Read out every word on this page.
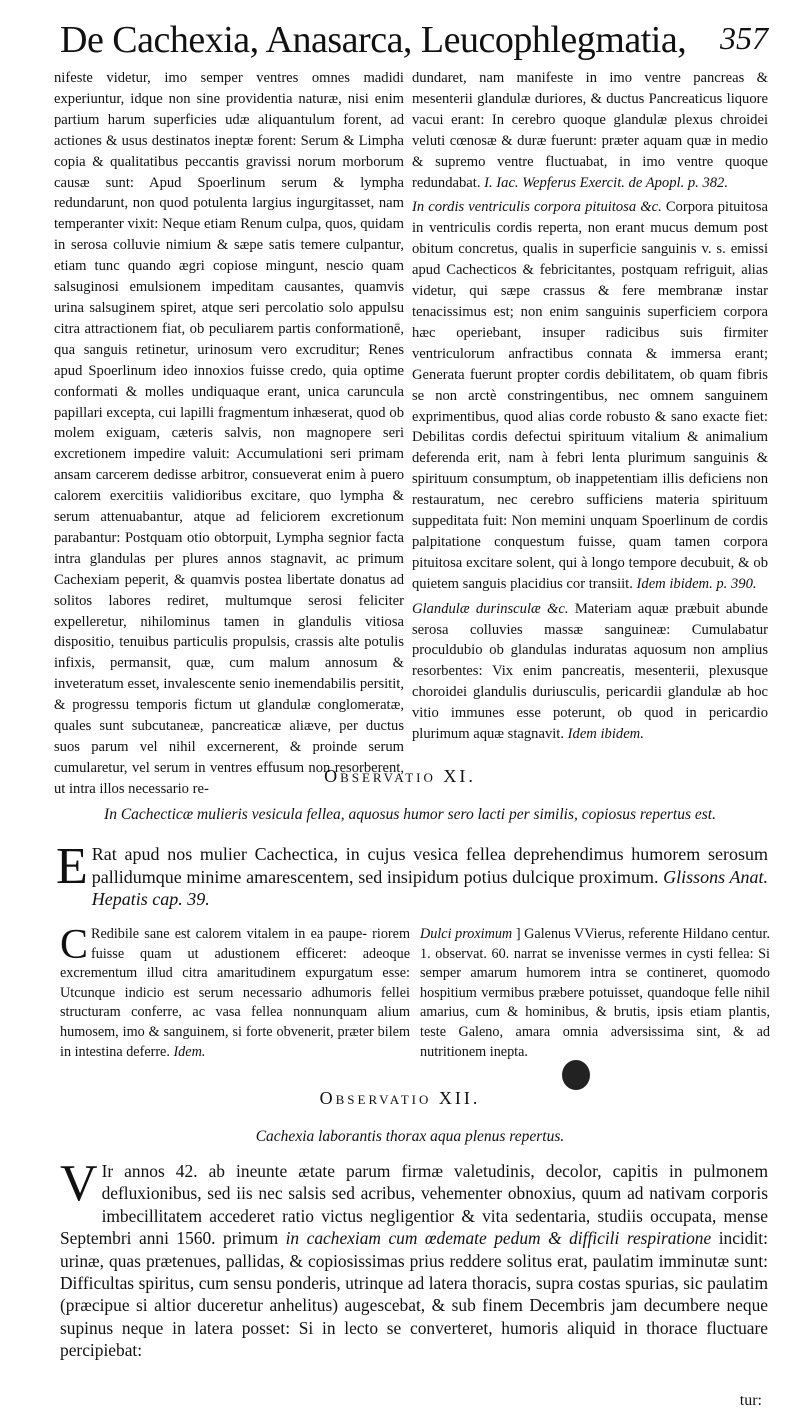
De Cachexia, Anasarca, Leucophlegmatia, 357

nifeste videtur, imo semper ventres omnes madidi experiuntur, idque non sine providentia naturæ, nisi enim partium harum superficies udæ aliquantulum forent, ad actiones & usus destinatos ineptæ forent: Serum & Limpha copia & qualitatibus peccantis gravissi norum morborum causæ sunt: Apud Spoerlinum serum & lympha redundarunt, non quod potulenta largius ingurgitasset, nam temperanter vixit: Neque etiam Renum culpa, quos, quidam in serosa colluvie nimium & sæpe satis temere culpantur, etiam tunc quando ægri copiose mingunt, nescio quam salsuginosi emulsionem impeditam causantes, quamvis urina salsuginem spiret, atque seri percolatio solo appulsu citra attractionem fiat, ob peculiarem partis conformationē, qua sanguis retinetur, urinosum vero excruditur; Renes apud Spoerlinum ideo innoxios fuisse credo, quia optime conformati & molles undiquaque erant, unica caruncula papillari excepta, cui lapilli fragmentum inhæserat, quod ob molem exiguam, cæteris salvis, non magnopere seri excretionem impedire valuit: Accumulationi seri primam ansam carcerem dedisse arbitror, consueverat enim à puero calorem exercitiis validioribus excitare, quo lympha & serum attenuabantur, atque ad feliciorem excretionum parabantur: Postquam otio obtorpuit, Lympha segnior facta intra glandulas per plures annos stagnavit, ac primum Cachexiam peperit, & quamvis postea libertate donatus ad solitos labores rediret, multumque serosi feliciter expelleretur, nihilominus tamen in glandulis vitiosa dispositio, tenuibus particulis propulsis, crassis alte potulis infixis, permansit, quæ, cum malum annosum & inveteratum esset, invalescente senio inemendabilis persitit, & progressu temporis fictum ut glandulæ conglomeratæ, quales sunt subcutaneæ, pancreaticæ aliæve, per ductus suos parum vel nihil excernerent, & proinde serum cumularetur, vel serum in ventres effusum non resorberent, ut intra illos necessario re-

dundaret, nam manifeste in imo ventre pancreas & mesenterii glandulæ duriores, & ductus Pancreaticus liquore vacui erant: In cerebro quoque glandulæ plexus chroidei veluti cœnosæ & duræ fuerunt: præter aquam quæ in medio & supremo ventre fluctuabat, in imo ventre quoque redundabat. I. Iac. Wepferus Exercit. de Apopl. p. 382.

In cordis ventriculis corpora pituitosa &c. Corpora pituitosa in ventriculis cordis reperta, non erant mucus demum post obitum concretus, qualis in superficie sanguinis v. s. emissi apud Cachecticos & febricitantes, postquam refriguit, alias videtur, qui sæpe crassus & fere membranæ instar tenacissimus est; non enim sanguinis superficiem corpora hæc operiebant, insuper radicibus suis firmiter ventriculorum anfractibus connata & immersa erant; Generata fuerunt propter cordis debilitatem, ob quam fibris se non arctè constringentibus, nec omnem sanguinem exprimentibus, quod alias corde robusto & sano exacte fiet: Debilitas cordis defectui spirituum vitalium & animalium deferenda erit, nam à febri lenta plurimum sanguinis & spirituum consumptum, ob inappetentiam illis deficiens non restauratum, nec cerebro sufficiens materia spirituum suppeditata fuit: Non memini unquam Spoerlinum de cordis palpitatione conquestum fuisse, quam tamen corpora pituitosa excitare solent, qui à longo tempore decubuit, & ob quietem sanguis placidius cor transiit. Idem ibidem. p. 390.

Glandulæ durinsculæ &c. Materiam aquæ præbuit abunde serosa colluvies massæ sanguineæ: Cumulabatur proculdubio ob glandulas induratas aquosum non amplius resorbentes: Vix enim pancreatis, mesenterii, plexusque choroidei glandulis duriusculis, pericardii glandulæ ab hoc vitio immunes esse poterunt, ob quod in pericardio plurimum aquæ stagnavit. Idem ibidem.

Observatio XI.
In Cachecticæ mulieris vesicula fellea, aquosus humor sero lacti per similis, copiosus repertus est.
E Rat apud nos mulier Cachectica, in cujus vesica fellea deprehendimus humorem serosum pallidumque minime amarescentem, sed insipidum potius dulcique proximum. Glissons Anat. Hepatis cap. 39.
C Redibile sane est calorem vitalem in ea paupe- riorem fuisse quam ut adustionem efficeret: adeoque excrementum illud citra amaritudinem expurgatum esse: Utcunque indicio est serum necessario adhumoris fellei structuram conferre, ac vasa fellea nonnunquam alium humosem, imo & sanguinem, si forte obvenerit, præter bilem in intestina deferre. Idem.
Dulci proximum ] Galenus VVierus, referente Hildano centur. 1. observat. 60. narrat se invenisse vermes in cysti fellea: Si semper amarum humorem intra se contineret, quomodo hospitium vermibus præbere potuisset, quandoque felle nihil amarius, cum & hominibus, & brutis, ipsis etiam plantis, teste Galeno, amara omnia adversissima sint, & ad nutritionem inepta.
Observatio XII.
Cachexia laborantis thorax aqua plenus repertus.
V Ir annos 42. ab ineunte ætate parum firmæ valetudinis, decolor, capitis in pulmonem defluxionibus, sed iis nec salsis sed acribus, vehementer obnoxius, quum ad nativam corporis imbecillitatem accederet ratio victus negligentior & vita sedentaria, studiis occupata, mense Septembri anni 1560. primum in cachexiam cum œdemate pedum & difficili respiratione incidit: urinæ, quas prætenues, pallidas, & copiosissimas prius reddere solitus erat, paulatim imminutæ sunt: Difficultas spiritus, cum sensu ponderis, utrinque ad latera thoracis, supra costas spurias, sic paulatim (præcipue si altior duceretur anhelitus) augescebat, & sub finem Decembris jam decumbere neque supinus neque in latera posset: Si in lecto se converteret, humoris aliquid in thorace fluctuare percipiebat:
tur:
